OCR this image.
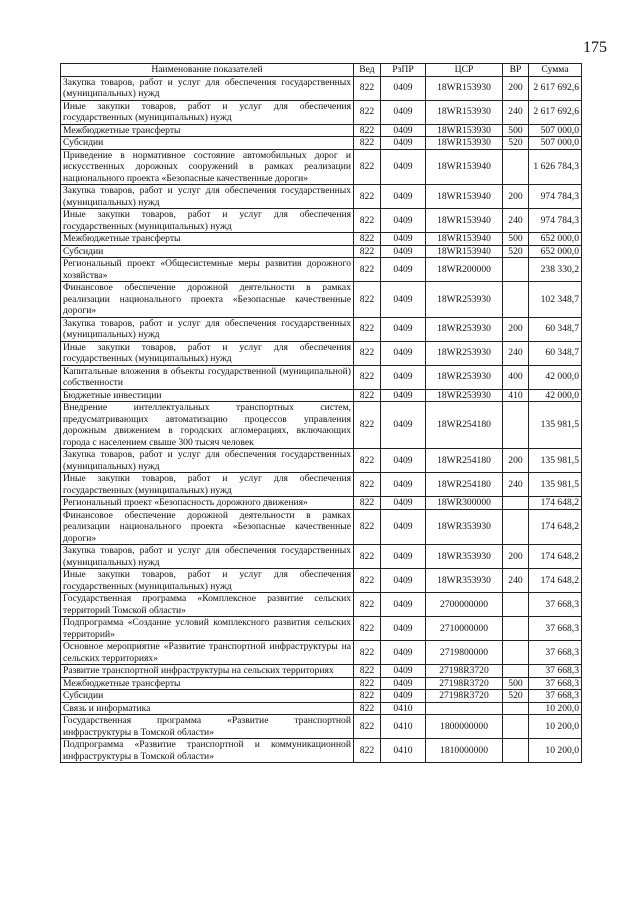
175
Наименование показателей	Вед	РзПР	ЦСР	ВР	Сумма
Закупка товаров, работ и услуг для обеспечения государственных (муниципальных) нужд	822	0409	18WR153930	200	2 617 692,6
Иные закупки товаров, работ и услуг для обеспечения государственных (муниципальных) нужд	822	0409	18WR153930	240	2 617 692,6
Межбюджетные трансферты	822	0409	18WR153930	500	507 000,0
Субсидии	822	0409	18WR153930	520	507 000,0
Приведение в нормативное состояние автомобильных дорог и искусственных дорожных сооружений в рамках реализации национального проекта «Безопасные качественные дороги»	822	0409	18WR153940		1 626 784,3
Закупка товаров, работ и услуг для обеспечения государственных (муниципальных) нужд	822	0409	18WR153940	200	974 784,3
Иные закупки товаров, работ и услуг для обеспечения государственных (муниципальных) нужд	822	0409	18WR153940	240	974 784,3
Межбюджетные трансферты	822	0409	18WR153940	500	652 000,0
Субсидии	822	0409	18WR153940	520	652 000,0
Региональный проект «Общесистемные меры развития дорожного хозяйства»	822	0409	18WR200000		238 330,2
Финансовое обеспечение дорожной деятельности в рамках реализации национального проекта «Безопасные качественные дороги»	822	0409	18WR253930		102 348,7
Закупка товаров, работ и услуг для обеспечения государственных (муниципальных) нужд	822	0409	18WR253930	200	60 348,7
Иные закупки товаров, работ и услуг для обеспечения государственных (муниципальных) нужд	822	0409	18WR253930	240	60 348,7
Капитальные вложения в объекты государственной (муниципальной) собственности	822	0409	18WR253930	400	42 000,0
Бюджетные инвестиции	822	0409	18WR253930	410	42 000,0
Внедрение интеллектуальных транспортных систем, предусматривающих автоматизацию процессов управления дорожным движением в городских агломерациях, включающих города с населением свыше 300 тысяч человек	822	0409	18WR254180		135 981,5
Закупка товаров, работ и услуг для обеспечения государственных (муниципальных) нужд	822	0409	18WR254180	200	135 981,5
Иные закупки товаров, работ и услуг для обеспечения государственных (муниципальных) нужд	822	0409	18WR254180	240	135 981,5
Региональный проект «Безопасность дорожного движения»	822	0409	18WR300000		174 648,2
Финансовое обеспечение дорожной деятельности в рамках реализации национального проекта «Безопасные качественные дороги»	822	0409	18WR353930		174 648,2
Закупка товаров, работ и услуг для обеспечения государственных (муниципальных) нужд	822	0409	18WR353930	200	174 648,2
Иные закупки товаров, работ и услуг для обеспечения государственных (муниципальных) нужд	822	0409	18WR353930	240	174 648,2
Государственная программа «Комплексное развитие сельских территорий Томской области»	822	0409	2700000000		37 668,3
Подпрограмма «Создание условий комплексного развития сельских территорий»	822	0409	2710000000		37 668,3
Основное мероприятие «Развитие транспортной инфраструктуры на сельских территориях»	822	0409	2719800000		37 668,3
Развитие транспортной инфраструктуры на сельских территориях	822	0409	27198R3720		37 668,3
Межбюджетные трансферты	822	0409	27198R3720	500	37 668,3
Субсидии	822	0409	27198R3720	520	37 668,3
Связь и информатика	822	0410			10 200,0
Государственная программа «Развитие транспортной инфраструктуры в Томской области»	822	0410	1800000000		10 200,0
Подпрограмма «Развитие транспортной и коммуникационной инфраструктуры в Томской области»	822	0410	1810000000		10 200,0
